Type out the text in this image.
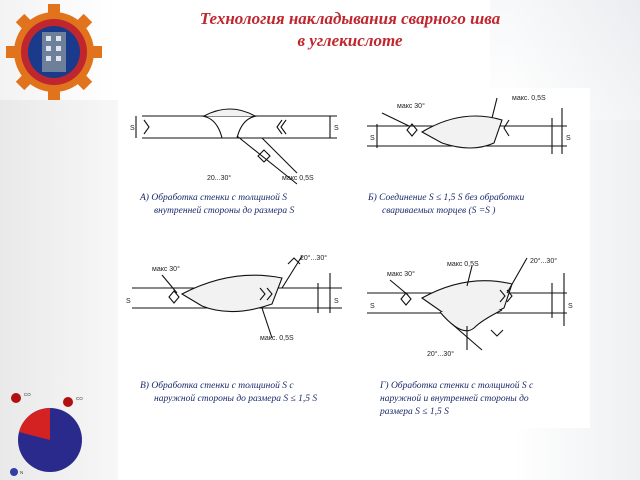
Технология накладывания сварного шва
в углекислоте
S	S
20...30°	макс 0,5S
макс 30°
макс. 0,5S
S	S
макс 30°
20°...30°
макс. 0,5S
S	S
макс 30°
макс 0,5S	20°...30°
20°...30°
S	S
А) Обработка стенки с толщиной S
внутренней стороны до размера S
Б) Соединение S ≤ 1,5 S без обработки
свариваемых торцев (S =S )
В) Обработка стенки с толщиной S с
наружной стороны до размера S ≤ 1,5 S
Г) Обработка стенки с толщиной S с
наружной и внутренней стороны до
размера S ≤ 1,5 S
CO
CO
N
